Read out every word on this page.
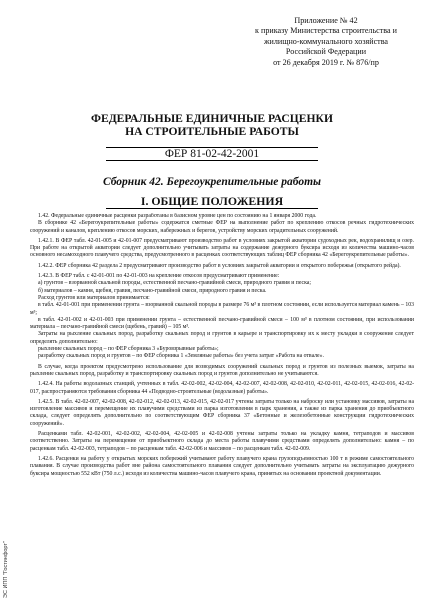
Приложение № 42
к приказу Министерства строительства и
жилищно-коммунального хозяйства
Российской Федерации
от 26 декабря 2019 г. № 876/пр
ФЕДЕРАЛЬНЫЕ ЕДИНИЧНЫЕ РАСЦЕНКИ
НА СТРОИТЕЛЬНЫЕ РАБОТЫ
ФЕР 81-02-42-2001
Сборник 42. Берегоукрепительные работы
I. ОБЩИЕ ПОЛОЖЕНИЯ

1.42. Федеральные единичные расценки разработаны в базисном уровне цен по состоянию на 1 января 2000 года.

В сборнике 42 «Берегоукрепительные работы» содержатся сметные ФЕР на выполнение работ по креплению откосов речных гидротехнических сооружений и каналов, креплению откосов морских, набережных и берегов, устройству морских оградительных сооружений.

1.42.1. В ФЕР табл. 42-01-005 и 42-01-007 предусматривают производство работ в условиях закрытой акватории судоходных рек, водохранилищ и озер. При работе на открытой акватории следует дополнительно учитывать затраты на содержание дежурного буксира исходя из количества машино-часов основного несамоходного плавучего средства, предусмотренного в расценках соответствующих таблиц ФЕР сборника 42 «Берегоукрепительные работы».

1.42.2. ФЕР сборника 42 раздела 2 предусматривают производство работ в условиях закрытой акватории и открытого побережья (открытого рейда).

1.42.3. В ФЕР табл. с 42-01-001 по 42-01-003 на крепление откосов предусматривают применение:

а) грунтов – взорванной скальной породы, естественной песчано-гравийной смеси, природного гравия и песка;

б) материалов – камня, щебня, гравия, песчано-гравийной смеси, природного гравия и песка.

Расход грунтов или материалов принимается:

в табл. 42-01-001 при применении грунта – взорванной скальной породы в размере 76 м³ в плотном состоянии, если используется материал камень – 103 м³;

в табл. 42-01-002 и 42-01-003 при применении грунта – естественной песчано-гравийной смеси – 100 м³ в плотном состоянии, при использовании материала – песчано-гравийной смеси (щебень, гравий) – 105 м³.

Затраты на рыхление скальных пород, разработку скальных пород и грунтов в карьере и транспортировку их к месту укладки в сооружение следует определять дополнительно:

рыхление скальных пород – по ФЕР сборника 3 «Буровзрывные работы»;

разработку скальных пород и грунтов – по ФЕР сборника 1 «Земляные работы» без учета затрат «Работа на отвале».

В случае, когда проектом предусмотрено использование для возводимых сооружений скальных пород и грунтов из полезных выемок, затраты на рыхление скальных пород, разработку и транспортировку скальных пород и грунтов дополнительно не учитываются.

1.42.4. На работы водолазных станций, учтенных в табл. 42-02-002, 42-02-004, 42-02-007, 42-02-008, 42-02-010, 42-02-011, 42-02-015, 42-02-016, 42-02-017, распространяются требования сборника 44 «Подводно-строительные (водолазные) работы».

1.42.5. В табл. 42-02-007, 42-02-008, 42-02-012, 42-02-013, 42-02-015, 42-02-017 учтены затраты только на наброску или установку массивов, затраты на изготовление массивов и перемещение их плавучими средствами из парка изготовления в парк хранения, а также из парка хранения до приобъектного склада, следует определять дополнительно по соответствующим ФЕР сборника 37 «Бетонные и железобетонные конструкции гидротехнических сооружений».

Расценками табл. 42-02-001, 42-02-002, 42-02-004, 42-02-005 и 42-02-008 учтены затраты только на укладку камня, тетраподов и массивов соответственно. Затраты на перемещение от приобъектного склада до места работы плавучими средствами определять дополнительно: камня – по расценкам табл. 42-02-003, тетраподов – по расценкам табл. 42-02-006 и массивов – по расценкам табл. 42-02-009.

1.42.6. Расценки на работу у открытых морских побережий учитывают работу плавучего крана грузоподъемностью 100 т в режиме самостоятельного плавания. В случае производства работ вне района самостоятельного плавания следует дополнительно учитывать затраты на эксплуатацию дежурного буксира мощностью 552 кВт (750 л.с.) исходя из количества машино-часов плавучего крана, принятых на основании проектной документации.

ЭС ИПП "Гостинфорт"
